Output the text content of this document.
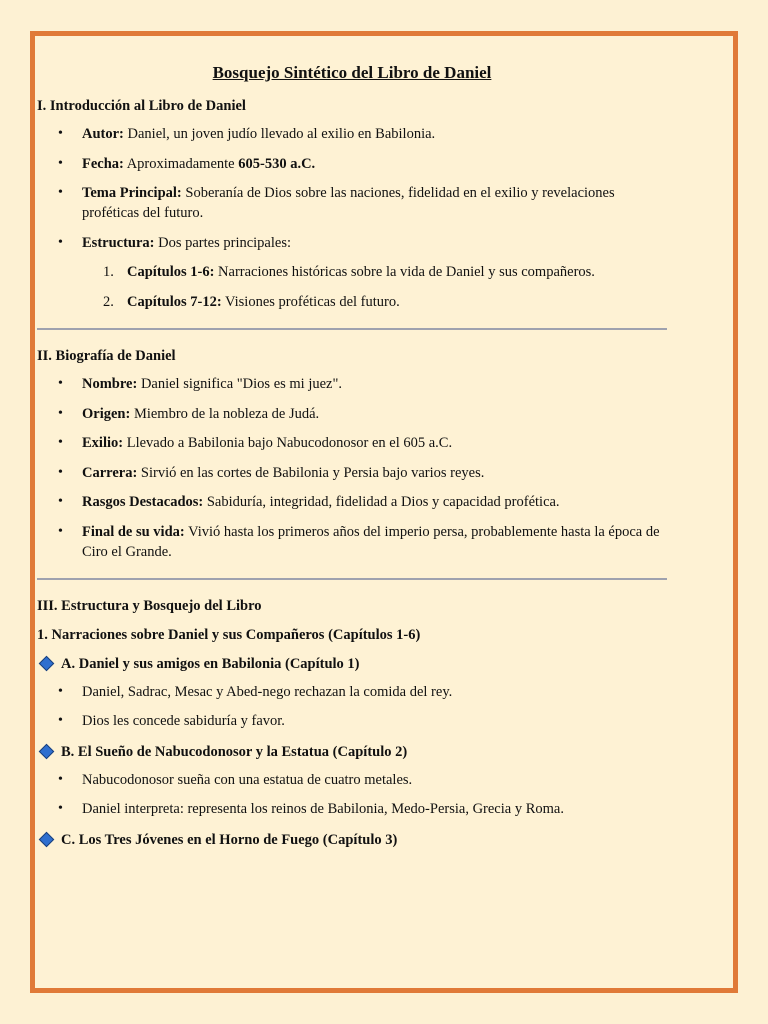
Bosquejo Sintético del Libro de Daniel
I. Introducción al Libro de Daniel
• Autor: Daniel, un joven judío llevado al exilio en Babilonia.
• Fecha: Aproximadamente 605-530 a.C.
• Tema Principal: Soberanía de Dios sobre las naciones, fidelidad en el exilio y revelaciones proféticas del futuro.
• Estructura: Dos partes principales:
1. Capítulos 1-6: Narraciones históricas sobre la vida de Daniel y sus compañeros.
2. Capítulos 7-12: Visiones proféticas del futuro.
II. Biografía de Daniel
• Nombre: Daniel significa "Dios es mi juez".
• Origen: Miembro de la nobleza de Judá.
• Exilio: Llevado a Babilonia bajo Nabucodonosor en el 605 a.C.
• Carrera: Sirvió en las cortes de Babilonia y Persia bajo varios reyes.
• Rasgos Destacados: Sabiduría, integridad, fidelidad a Dios y capacidad profética.
• Final de su vida: Vivió hasta los primeros años del imperio persa, probablemente hasta la época de Ciro el Grande.
III. Estructura y Bosquejo del Libro
1. Narraciones sobre Daniel y sus Compañeros (Capítulos 1-6)
A. Daniel y sus amigos en Babilonia (Capítulo 1)
• Daniel, Sadrac, Mesac y Abed-nego rechazan la comida del rey.
• Dios les concede sabiduría y favor.
B. El Sueño de Nabucodonosor y la Estatua (Capítulo 2)
• Nabucodonosor sueña con una estatua de cuatro metales.
• Daniel interpreta: representa los reinos de Babilonia, Medo-Persia, Grecia y Roma.
C. Los Tres Jóvenes en el Horno de Fuego (Capítulo 3)
